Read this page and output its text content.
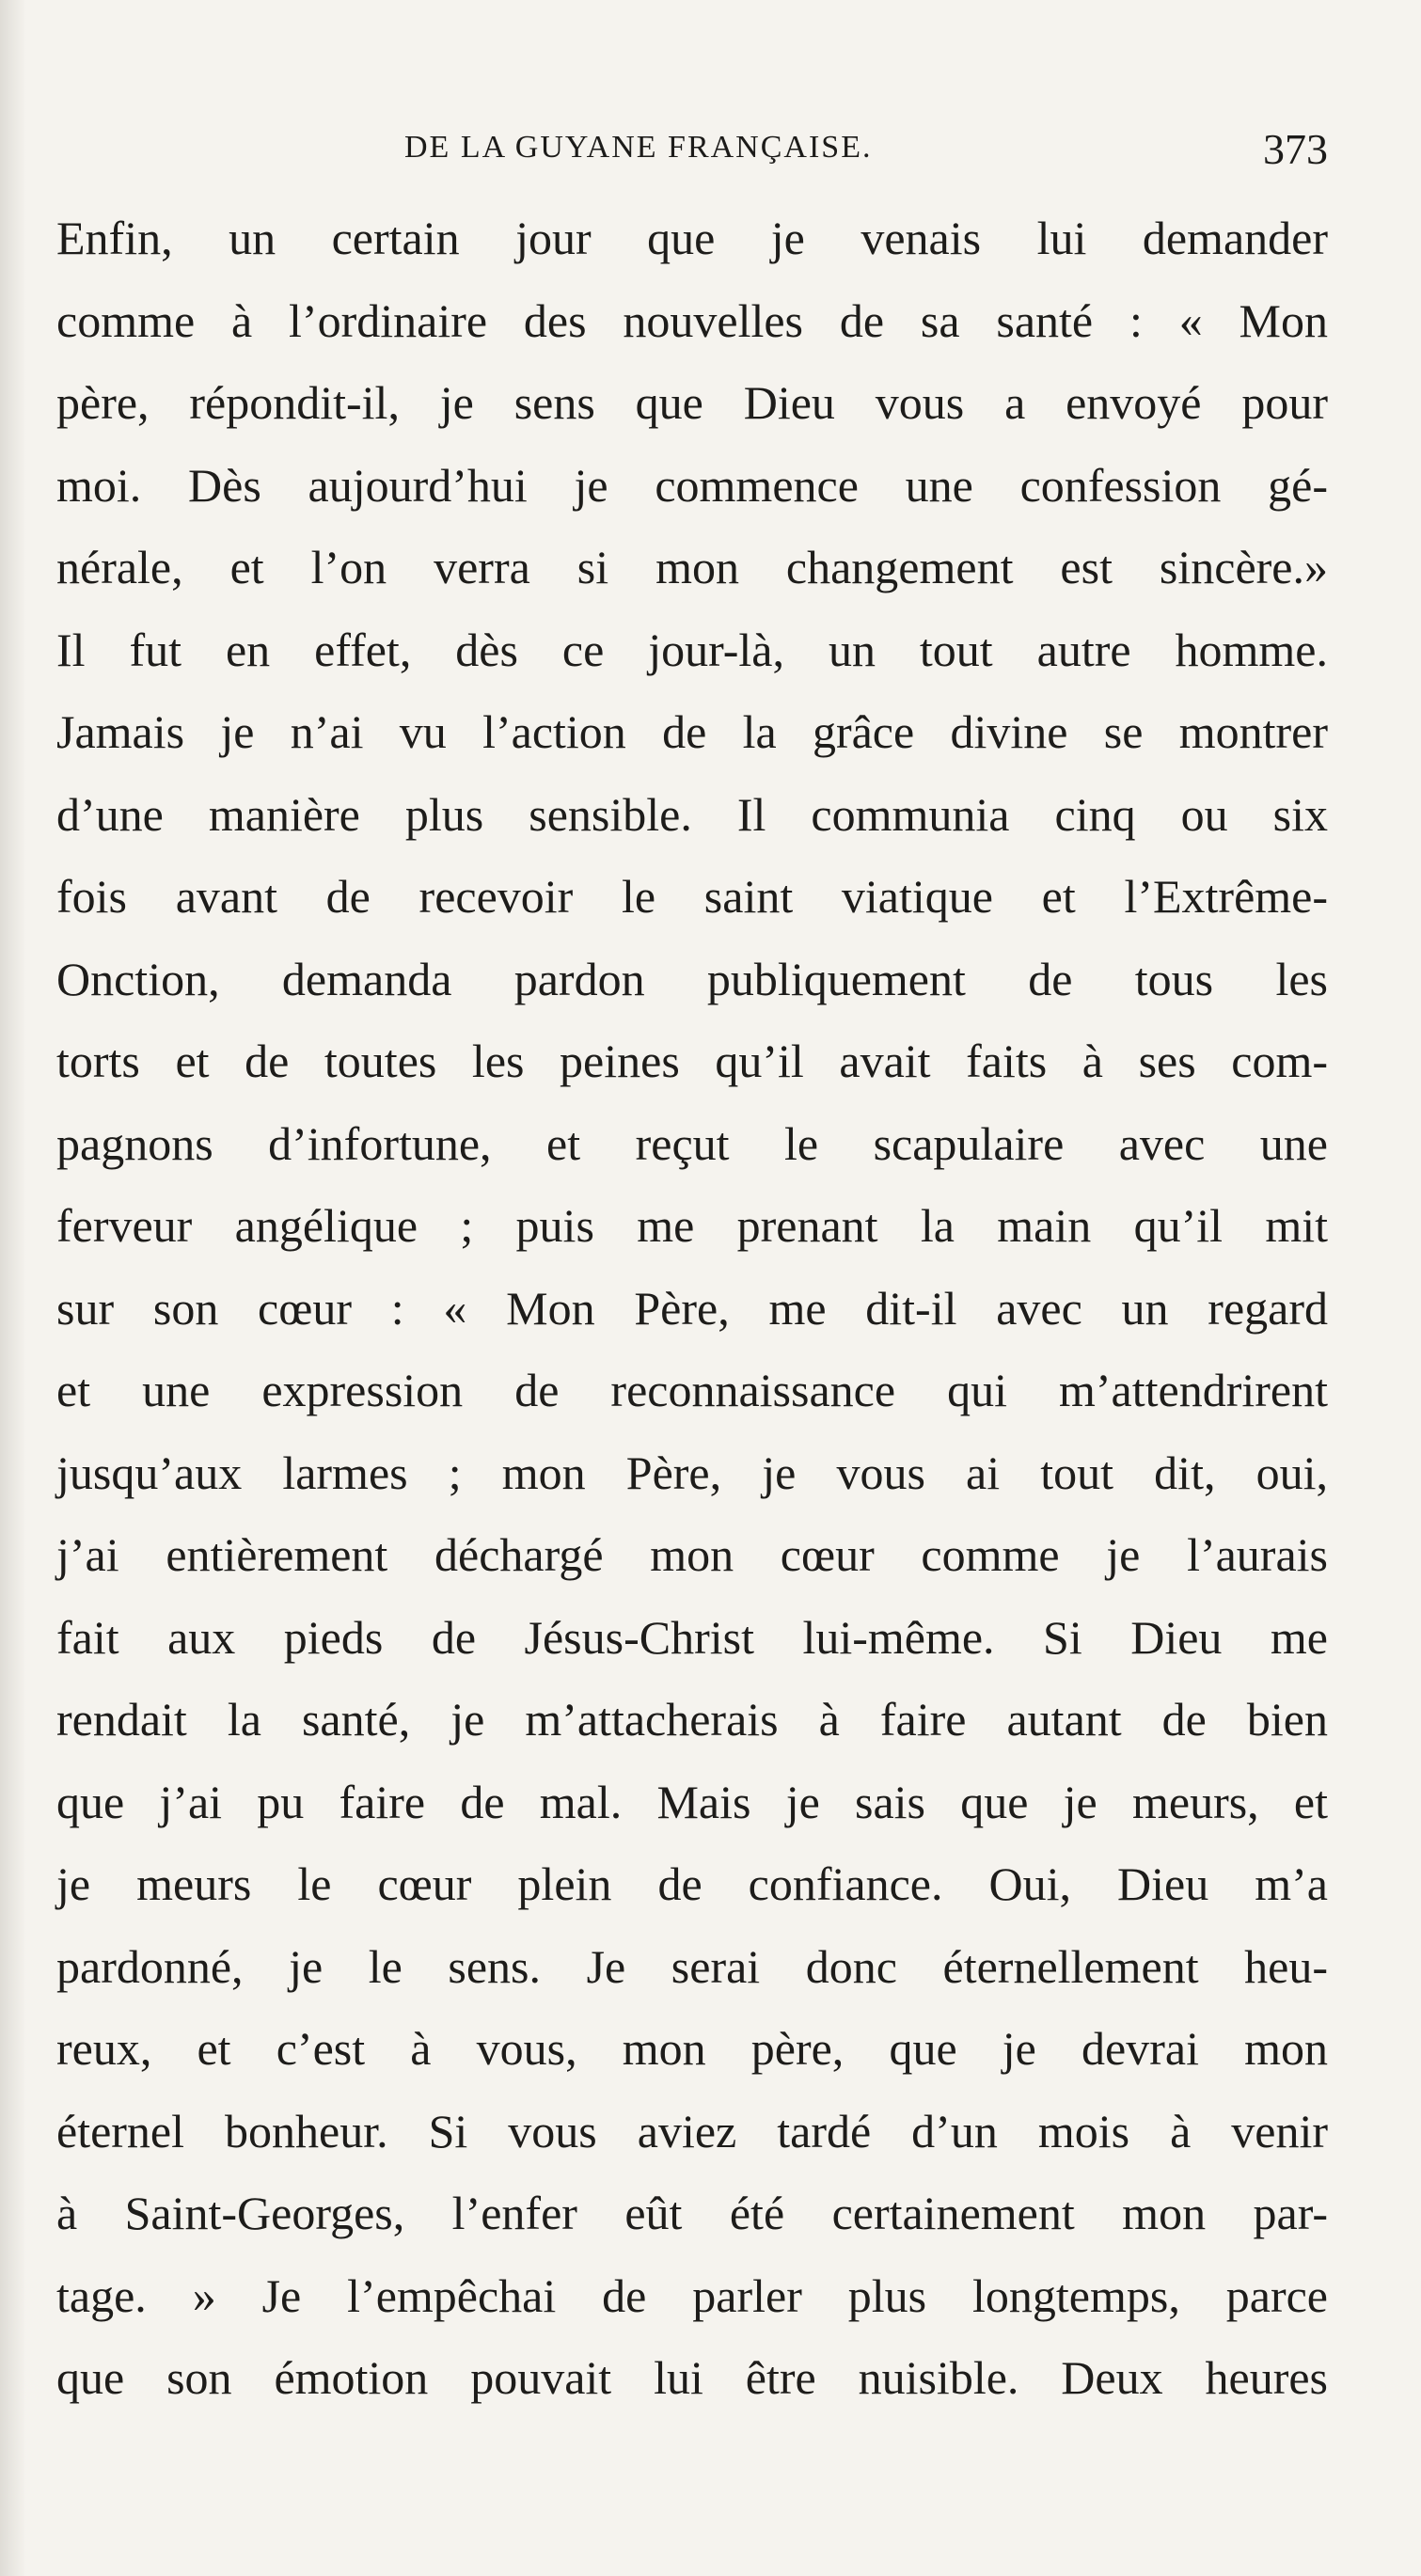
DE LA GUYANE FRANÇAISE.	373
Enfin, un certain jour que je venais lui demander
comme à l’ordinaire des nouvelles de sa santé : « Mon
père, répondit-il, je sens que Dieu vous a envoyé pour
moi. Dès aujourd’hui je commence une confession gé-
nérale, et l’on verra si mon changement est sincère.»
Il fut en effet, dès ce jour-là, un tout autre homme.
Jamais je n’ai vu l’action de la grâce divine se montrer
d’une manière plus sensible. Il communia cinq ou six
fois avant de recevoir le saint viatique et l’Extrême-
Onction, demanda pardon publiquement de tous les
torts et de toutes les peines qu’il avait faits à ses com-
pagnons d’infortune, et reçut le scapulaire avec une
ferveur angélique ; puis me prenant la main qu’il mit
sur son cœur : « Mon Père, me dit-il avec un regard
et une expression de reconnaissance qui m’attendrirent
jusqu’aux larmes ; mon Père, je vous ai tout dit, oui,
j’ai entièrement déchargé mon cœur comme je l’aurais
fait aux pieds de Jésus-Christ lui-même. Si Dieu me
rendait la santé, je m’attacherais à faire autant de bien
que j’ai pu faire de mal. Mais je sais que je meurs, et
je meurs le cœur plein de confiance. Oui, Dieu m’a
pardonné, je le sens. Je serai donc éternellement heu-
reux, et c’est à vous, mon père, que je devrai mon
éternel bonheur. Si vous aviez tardé d’un mois à venir
à Saint-Georges, l’enfer eût été certainement mon par-
tage. » Je l’empêchai de parler plus longtemps, parce
que son émotion pouvait lui être nuisible. Deux heures
